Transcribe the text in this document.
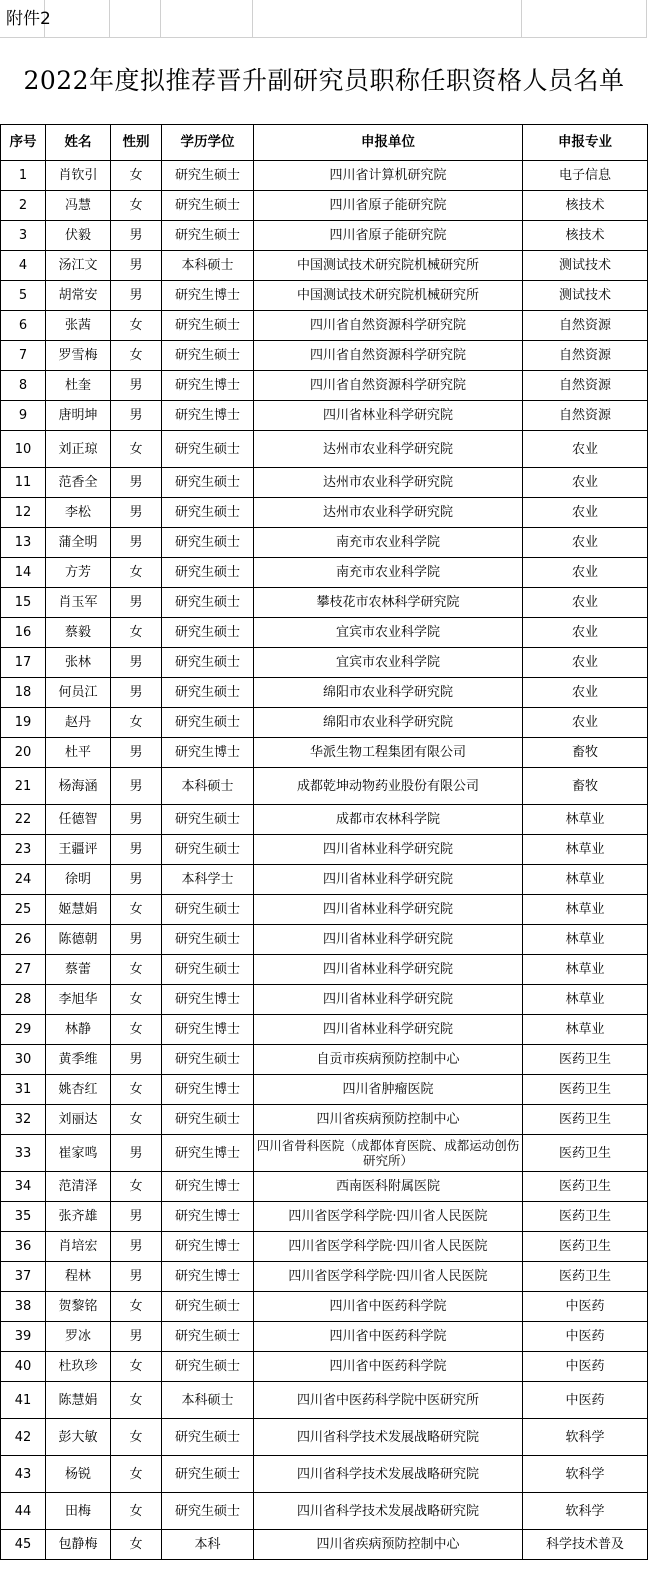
附件2
2022年度拟推荐晋升副研究员职称任职资格人员名单
序号	姓名	性别	学历学位	申报单位	申报专业
1	肖钦引	女	研究生硕士	四川省计算机研究院	电子信息
2	冯慧	女	研究生硕士	四川省原子能研究院	核技术
3	伏毅	男	研究生硕士	四川省原子能研究院	核技术
4	汤江文	男	本科硕士	中国测试技术研究院机械研究所	测试技术
5	胡常安	男	研究生博士	中国测试技术研究院机械研究所	测试技术
6	张茜	女	研究生硕士	四川省自然资源科学研究院	自然资源
7	罗雪梅	女	研究生硕士	四川省自然资源科学研究院	自然资源
8	杜奎	男	研究生博士	四川省自然资源科学研究院	自然资源
9	唐明坤	男	研究生博士	四川省林业科学研究院	自然资源
10	刘正琼	女	研究生硕士	达州市农业科学研究院	农业
11	范香全	男	研究生硕士	达州市农业科学研究院	农业
12	李松	男	研究生硕士	达州市农业科学研究院	农业
13	蒲全明	男	研究生硕士	南充市农业科学院	农业
14	方芳	女	研究生硕士	南充市农业科学院	农业
15	肖玉军	男	研究生硕士	攀枝花市农林科学研究院	农业
16	蔡毅	女	研究生硕士	宜宾市农业科学院	农业
17	张林	男	研究生硕士	宜宾市农业科学院	农业
18	何员江	男	研究生硕士	绵阳市农业科学研究院	农业
19	赵丹	女	研究生硕士	绵阳市农业科学研究院	农业
20	杜平	男	研究生博士	华派生物工程集团有限公司	畜牧
21	杨海涵	男	本科硕士	成都乾坤动物药业股份有限公司	畜牧
22	任德智	男	研究生硕士	成都市农林科学院	林草业
23	王疆评	男	研究生硕士	四川省林业科学研究院	林草业
24	徐明	男	本科学士	四川省林业科学研究院	林草业
25	姬慧娟	女	研究生硕士	四川省林业科学研究院	林草业
26	陈德朝	男	研究生硕士	四川省林业科学研究院	林草业
27	蔡蕾	女	研究生硕士	四川省林业科学研究院	林草业
28	李旭华	女	研究生博士	四川省林业科学研究院	林草业
29	林静	女	研究生博士	四川省林业科学研究院	林草业
30	黄季维	男	研究生硕士	自贡市疾病预防控制中心	医药卫生
31	姚杏红	女	研究生博士	四川省肿瘤医院	医药卫生
32	刘丽达	女	研究生硕士	四川省疾病预防控制中心	医药卫生
33	崔家鸣	男	研究生博士	四川省骨科医院（成都体育医院、成都运动创伤研究所）	医药卫生
34	范清泽	女	研究生博士	西南医科附属医院	医药卫生
35	张齐雄	男	研究生博士	四川省医学科学院·四川省人民医院	医药卫生
36	肖培宏	男	研究生博士	四川省医学科学院·四川省人民医院	医药卫生
37	程林	男	研究生博士	四川省医学科学院·四川省人民医院	医药卫生
38	贺黎铭	女	研究生硕士	四川省中医药科学院	中医药
39	罗冰	男	研究生硕士	四川省中医药科学院	中医药
40	杜玖珍	女	研究生硕士	四川省中医药科学院	中医药
41	陈慧娟	女	本科硕士	四川省中医药科学院中医研究所	中医药
42	彭大敏	女	研究生硕士	四川省科学技术发展战略研究院	软科学
43	杨锐	女	研究生硕士	四川省科学技术发展战略研究院	软科学
44	田梅	女	研究生硕士	四川省科学技术发展战略研究院	软科学
45	包静梅	女	本科	四川省疾病预防控制中心	科学技术普及
